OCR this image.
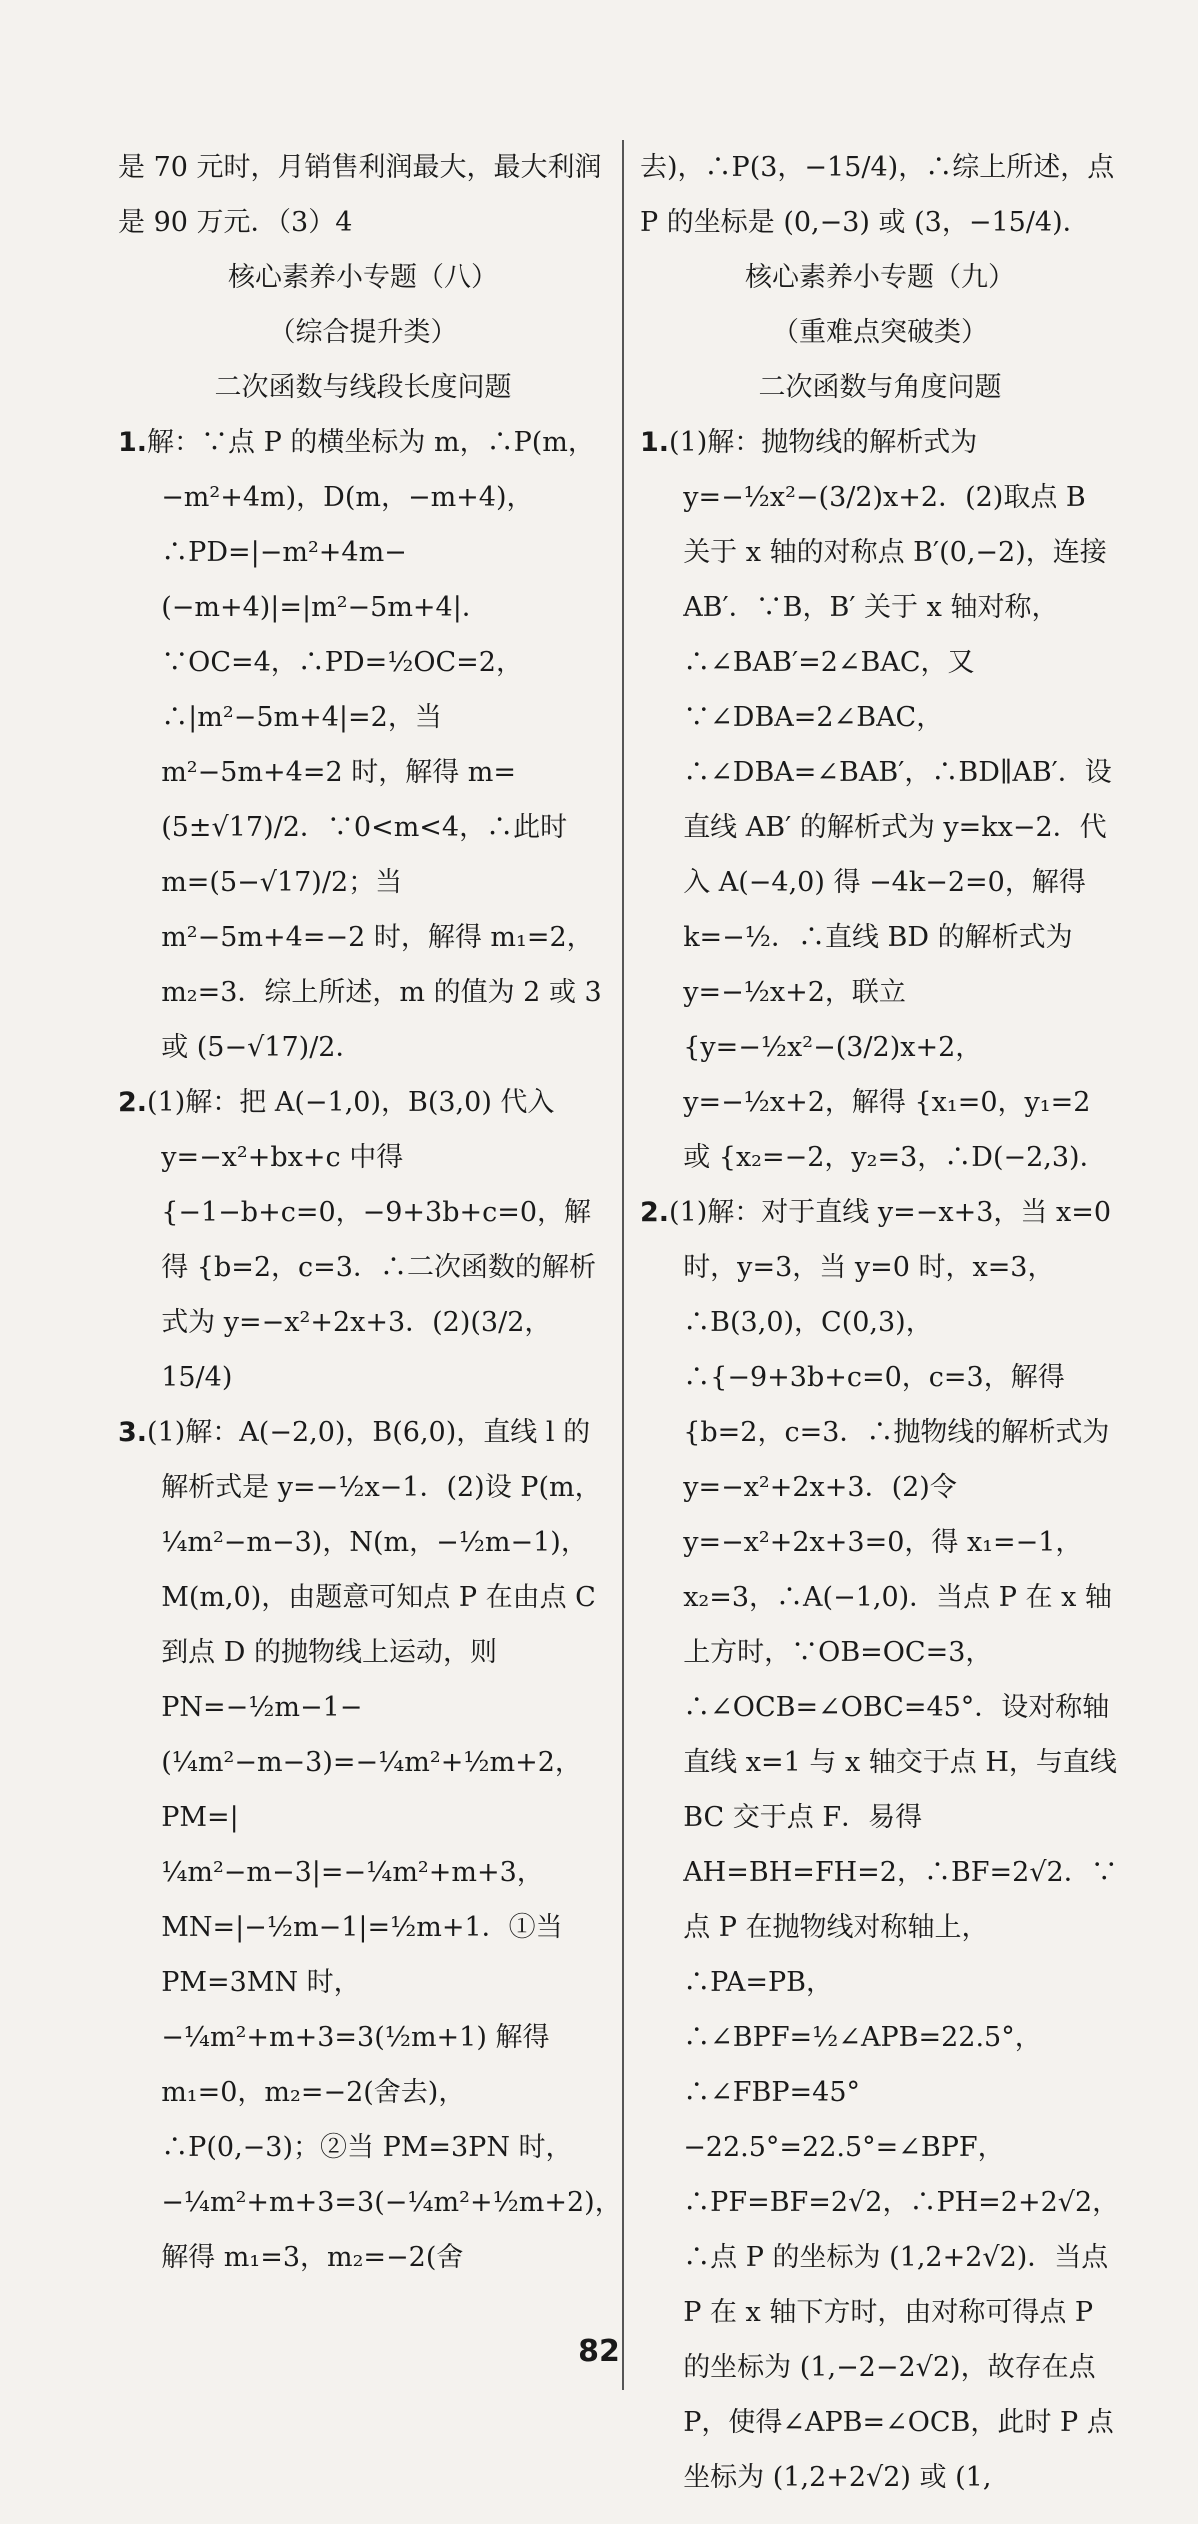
是 70 元时，月销售利润最大，最大利润是 90 万元．（3）4

核心素养小专题（八）

（综合提升类）

二次函数与线段长度问题

1.解：∵点 P 的横坐标为 m，∴P(m，−m²+4m)，D(m，−m+4)，∴PD=|−m²+4m−(−m+4)|=|m²−5m+4|．∵OC=4，∴PD=½OC=2，∴|m²−5m+4|=2，当 m²−5m+4=2 时，解得 m=(5±√17)/2．∵0<m<4，∴此时 m=(5−√17)/2；当 m²−5m+4=−2 时，解得 m₁=2，m₂=3．综上所述，m 的值为 2 或 3 或 (5−√17)/2．

2.(1)解：把 A(−1,0)，B(3,0) 代入 y=−x²+bx+c 中得 {−1−b+c=0，−9+3b+c=0，解得 {b=2，c=3．∴二次函数的解析式为 y=−x²+2x+3．(2)(3/2，15/4)

3.(1)解：A(−2,0)，B(6,0)，直线 l 的解析式是 y=−½x−1．(2)设 P(m，¼m²−m−3)，N(m，−½m−1)，M(m,0)，由题意可知点 P 在由点 C 到点 D 的抛物线上运动，则 PN=−½m−1−(¼m²−m−3)=−¼m²+½m+2，PM=|¼m²−m−3|=−¼m²+m+3，MN=|−½m−1|=½m+1．①当 PM=3MN 时，−¼m²+m+3=3(½m+1) 解得 m₁=0，m₂=−2(舍去)，∴P(0,−3)；②当 PM=3PN 时，−¼m²+m+3=3(−¼m²+½m+2)，解得 m₁=3，m₂=−2(舍

去)，∴P(3，−15/4)，∴综上所述，点 P 的坐标是 (0,−3) 或 (3，−15/4)．

核心素养小专题（九）

（重难点突破类）

二次函数与角度问题

1.(1)解：抛物线的解析式为 y=−½x²−(3/2)x+2．(2)取点 B 关于 x 轴的对称点 B′(0,−2)，连接 AB′．∵B，B′ 关于 x 轴对称，∴∠BAB′=2∠BAC，又∵∠DBA=2∠BAC，∴∠DBA=∠BAB′，∴BD∥AB′．设直线 AB′ 的解析式为 y=kx−2．代入 A(−4,0) 得 −4k−2=0，解得 k=−½．∴直线 BD 的解析式为 y=−½x+2，联立 {y=−½x²−(3/2)x+2，y=−½x+2，解得 {x₁=0，y₁=2 或 {x₂=−2，y₂=3，∴D(−2,3)．

2.(1)解：对于直线 y=−x+3，当 x=0 时，y=3，当 y=0 时，x=3，∴B(3,0)，C(0,3)，∴{−9+3b+c=0，c=3，解得 {b=2，c=3．∴抛物线的解析式为 y=−x²+2x+3．(2)令 y=−x²+2x+3=0，得 x₁=−1，x₂=3，∴A(−1,0)．当点 P 在 x 轴上方时，∵OB=OC=3，∴∠OCB=∠OBC=45°．设对称轴直线 x=1 与 x 轴交于点 H，与直线 BC 交于点 F．易得 AH=BH=FH=2，∴BF=2√2．∵点 P 在抛物线对称轴上，∴PA=PB，∴∠BPF=½∠APB=22.5°，∴∠FBP=45°−22.5°=22.5°=∠BPF，∴PF=BF=2√2，∴PH=2+2√2，∴点 P 的坐标为 (1,2+2√2)．当点 P 在 x 轴下方时，由对称可得点 P 的坐标为 (1,−2−2√2)，故存在点 P，使得∠APB=∠OCB，此时 P 点坐标为 (1,2+2√2) 或 (1,

82
